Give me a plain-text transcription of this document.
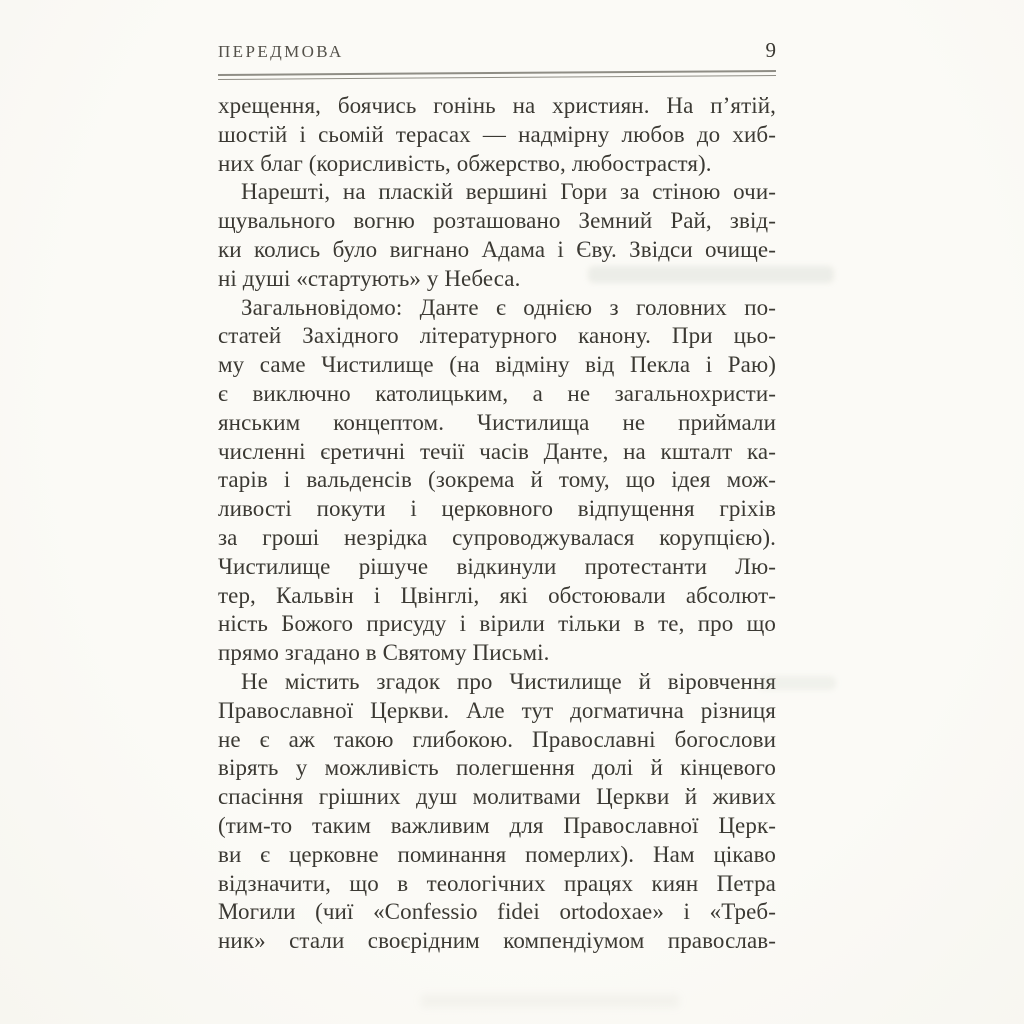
ПЕРЕДМОВА	9

хрещення, боячись гонінь на християн. На п’ятій,
шостій і сьомій терасах — надмірну любов до хиб-
них благ (корисливість, обжерство, любострастя).

Нарешті, на пласкій вершині Гори за стіною очи-
щувального вогню розташовано Земний Рай, звід-
ки колись було вигнано Адама і Єву. Звідси очище-
ні душі «стартують» у Небеса.

Загальновідомо: Данте є однією з головних по-
статей Західного літературного канону. При цьо-
му саме Чистилище (на відміну від Пекла і Раю)
є виключно католицьким, а не загальнохристи-
янським концептом. Чистилища не приймали
численні єретичні течії часів Данте, на кшталт ка-
тарів і вальденсів (зокрема й тому, що ідея мож-
ливості покути і церковного відпущення гріхів
за гроші незрідка супроводжувалася корупцією).
Чистилище рішуче відкинули протестанти Лю-
тер, Кальвін і Цвінглі, які обстоювали абсолют-
ність Божого присуду і вірили тільки в те, про що
прямо згадано в Святому Письмі.

Не містить згадок про Чистилище й віровчення
Православної Церкви. Але тут догматична різниця
не є аж такою глибокою. Православні богослови
вірять у можливість полегшення долі й кінцевого
спасіння грішних душ молитвами Церкви й живих
(тим-то таким важливим для Православної Церк-
ви є церковне поминання померлих). Нам цікаво
відзначити, що в теологічних працях киян Петра
Могили (чиї «Confessio fidei ortodoxae» і «Треб-
ник» стали своєрідним компендіумом православ-
